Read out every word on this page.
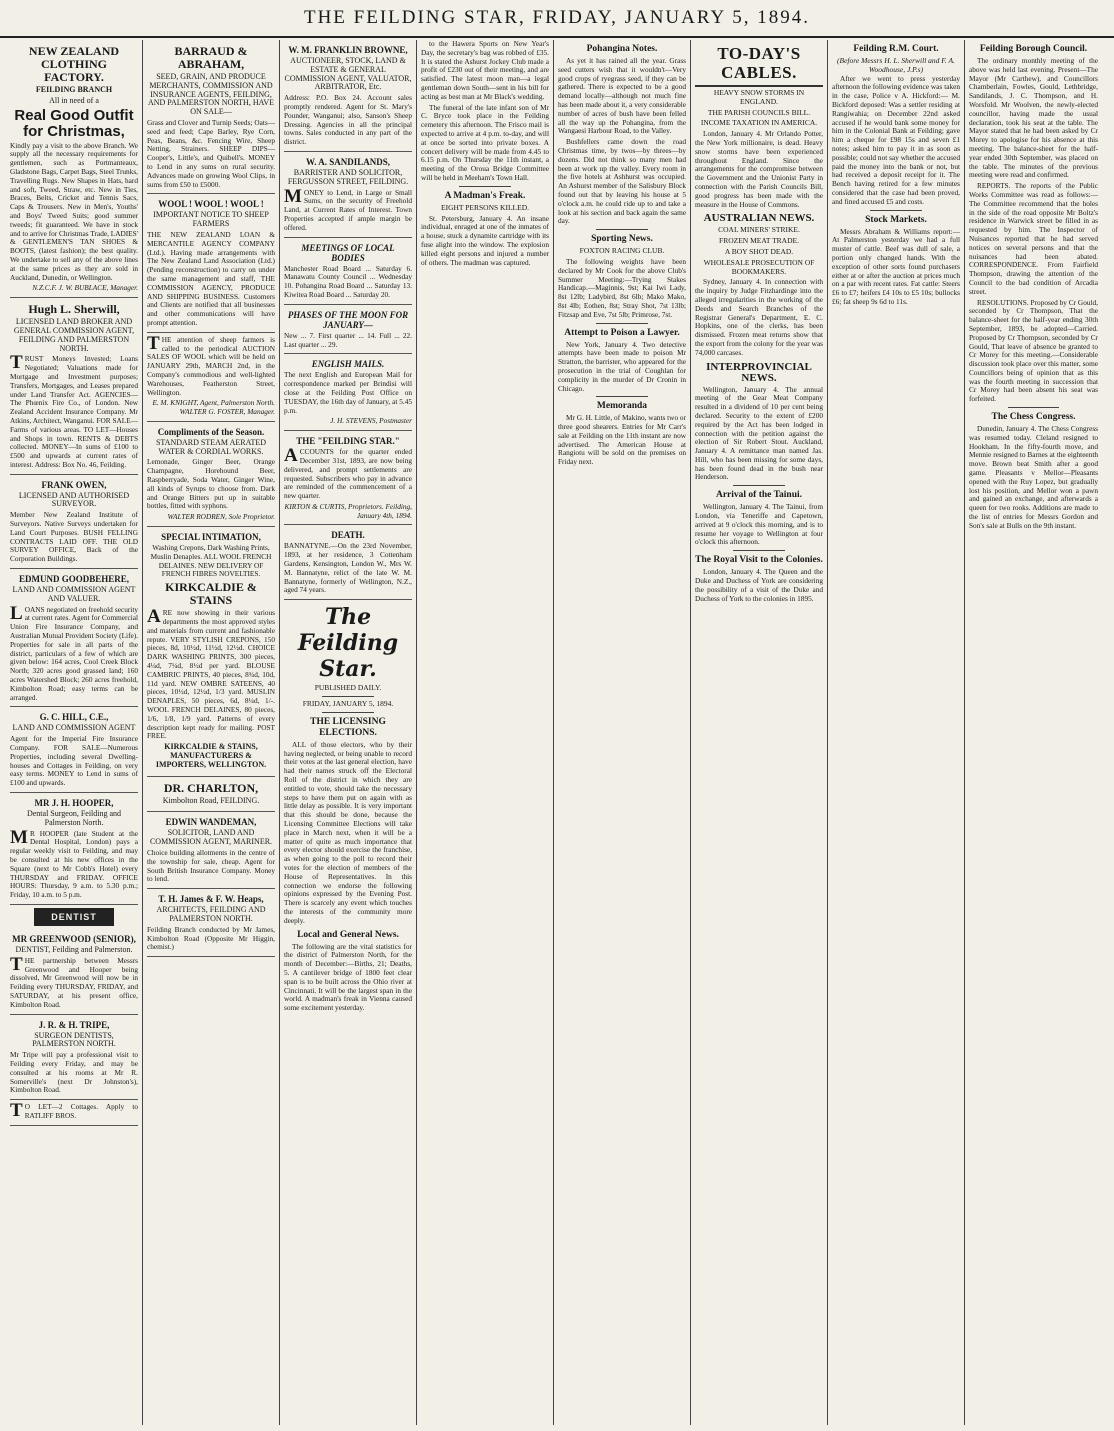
THE FEILDING STAR, FRIDAY, JANUARY 5, 1894.
NEW ZEALAND CLOTHING FACTORY.
FEILDING BRANCH
All in need of a
Real Good Outfit for Christmas,
Kindly pay a visit to the above Branch. We supply all the necessary requirements for gentlemen, such as Portmanteaux, Gladstone Bags, Carpet Bags, Steel Trunks, Travelling Rugs. New Shapes in Hats, hard and soft, Tweed, Straw, etc. New in Ties, Braces, Belts, Cricket and Tennis Sacs, Caps & Trousers. New in Men's, Youths' and Boys' Tweed Suits; good summer tweeds; fit guaranteed. We have in stock and to arrive for Christmas Trade, LADIES' & GENTLEMEN'S TAN SHOES & BOOTS, (latest fashion); the best quality. We undertake to sell any of the above lines at the same prices as they are sold in Auckland, Dunedin, or Wellington.
N.Z.C.F. J. W. BUBLACE, Manager.
Hugh L. Sherwill,
LICENSED LAND BROKER AND GENERAL COMMISSION AGENT, FEILDING AND PALMERSTON NORTH.
TRUST Moneys Invested; Loans Negotiated; Valuations made for Mortgage and Investment purposes; Transfers, Mortgages, and Leases prepared under Land Transfer Act. AGENCIES—The Phœnix Fire Co., of London. New Zealand Accident Insurance Company. Mr Atkins, Architect, Wanganui. FOR SALE—Farms of various areas. TO LET—Houses and Shops in town. RENTS & DEBTS collected. MONEY—In sums of £100 to £500 and upwards at current rates of interest. Address: Box No. 46, Feilding.
FRANK OWEN,
LICENSED AND AUTHORISED SURVEYOR.
Member New Zealand Institute of Surveyors. Native Surveys undertaken for Land Court Purposes. BUSH FELLING CONTRACTS LAID OFF. THE OLD SURVEY OFFICE, Back of the Corporation Buildings.
EDMUND GOODBEHERE,
LAND AND COMMISSION AGENT AND VALUER.
LOANS negotiated on freehold security at current rates. Agent for Commercial Union Fire Insurance Company, and Australian Mutual Provident Society (Life). Properties for sale in all parts of the district, particulars of a few of which are given below: 164 acres, Cool Creek Block North; 320 acres good grassed land; 160 acres Watershed Block; 260 acres freehold, Kimbolton Road; easy terms can be arranged.
G. C. HILL, C.E.,
LAND AND COMMISSION AGENT
Agent for the Imperial Fire Insurance Company. FOR SALE—Numerous Properties, including several Dwelling-houses and Cottages in Feilding, on very easy terms. MONEY to Lend in sums of £100 and upwards.
MR J. H. HOOPER,
Dental Surgeon, Feilding and Palmerston North.
MR HOOPER (late Student at the Dental Hospital, London) pays a regular weekly visit to Feilding, and may be consulted at his new offices in the Square (next to Mr Cobb's Hotel) every THURSDAY and FRIDAY. OFFICE HOURS: Thursday, 9 a.m. to 5.30 p.m.; Friday, 10 a.m. to 5 p.m.
DENTIST
MR GREENWOOD (SENIOR),
DENTIST, Feilding and Palmerston.
THE partnership between Messrs Greenwood and Hooper being dissolved, Mr Greenwood will now be in Feilding every THURSDAY, FRIDAY, and SATURDAY, at his present office, Kimbolton Road.
J. R. & H. TRIPE,
SURGEON DENTISTS, PALMERSTON NORTH.
Mr Tripe will pay a professional visit to Feilding every Friday, and may be consulted at his rooms at Mr R. Somerville's (next Dr Johnston's), Kimbolton Road.
TO LET—2 Cottages. Apply to RATLIFF BROS.
BARRAUD & ABRAHAM,
SEED, GRAIN, AND PRODUCE MERCHANTS, COMMISSION AND INSURANCE AGENTS, FEILDING, AND PALMERSTON NORTH, HAVE ON SALE—
Grass and Clover and Turnip Seeds; Oats—seed and feed; Cape Barley, Rye Corn, Peas, Beans, &c. Fencing Wire, Sheep Netting, Strainers. SHEEP DIPS—Cooper's, Little's, and Quibell's. MONEY to Lend in any sums on rural security. Advances made on growing Wool Clips, in sums from £50 to £5000.
WOOL ! WOOL ! WOOL !
IMPORTANT NOTICE TO SHEEP FARMERS
THE NEW ZEALAND LOAN & MERCANTILE AGENCY COMPANY (Ltd.). Having made arrangements with The New Zealand Land Association (Ltd.) (Pending reconstruction) to carry on under the same management and staff, THE COMMISSION AGENCY, PRODUCE AND SHIPPING BUSINESS. Customers and Clients are notified that all businesses and other communications will have prompt attention.
THE attention of sheep farmers is called to the periodical AUCTION SALES OF WOOL which will be held on JANUARY 29th, MARCH 2nd, in the Company's commodious and well-lighted Warehouses, Featherston Street, Wellington.
E. M. KNIGHT, Agent, Palmerston North. WALTER G. FOSTER, Manager.
Compliments of the Season.
STANDARD STEAM AERATED WATER & CORDIAL WORKS.
Lemonade, Ginger Beer, Orange Champagne, Horehound Beer, Raspberryade, Soda Water, Ginger Wine, all kinds of Syrups to choose from. Dark and Orange Bitters put up in suitable bottles, fitted with syphons.
WALTER RODREN, Sole Proprietor.
SPECIAL INTIMATION,
Washing Crepons, Dark Washing Prints, Muslin Denaples. ALL WOOL FRENCH DELAINES. NEW DELIVERY OF FRENCH FIBRES NOVELTIES.
KIRKCALDIE & STAINS
ARE now showing in their various departments the most approved styles and materials from current and fashionable repute. VERY STYLISH CREPONS, 150 pieces, 8d, 10½d, 11½d, 12½d. CHOICE DARK WASHING PRINTS, 300 pieces, 4¼d, 7¼d, 8½d per yard. BLOUSE CAMBRIC PRINTS, 40 pieces, 8¾d, 10d, 11d yard. NEW OMBRE SATEENS, 40 pieces, 10½d, 12½d, 1/3 yard. MUSLIN DENAPLES, 50 pieces, 6d, 8¼d, 1/-. WOOL FRENCH DELAINES, 80 pieces, 1/6, 1/8, 1/9 yard. Patterns of every description kept ready for mailing. POST FREE.
KIRKCALDIE & STAINS, MANUFACTURERS & IMPORTERS, WELLINGTON.
DR. CHARLTON,
Kimbolton Road, FEILDING.
EDWIN WANDEMAN,
SOLICITOR, LAND AND COMMISSION AGENT, MARINER.
Choice building allotments in the centre of the township for sale, cheap. Agent for South British Insurance Company. Money to lend.
T. H. James & F. W. Heaps,
ARCHITECTS, FEILDING AND PALMERSTON NORTH.
Feilding Branch conducted by Mr James, Kimbolton Road (Opposite Mr Higgin, chemist.)
W. M. FRANKLIN BROWNE,
AUCTIONEER, STOCK, LAND & ESTATE & GENERAL COMMISSION AGENT, VALUATOR, ARBITRATOR, Etc.
Address: P.O. Box 24. Account sales promptly rendered. Agent for St. Mary's Pounder, Wanganui; also, Sanson's Sheep Dressing. Agencies in all the principal towns. Sales conducted in any part of the district.
W. A. SANDILANDS,
BARRISTER AND SOLICITOR, FERGUSSON STREET, FEILDING.
MONEY to Lend, in Large or Small Sums, on the security of Freehold Land, at Current Rates of Interest. Town Properties accepted if ample margin be offered.
MEETINGS OF LOCAL BODIES
Manchester Road Board ... Saturday 6. Manawatu County Council ... Wednesday 10. Pohangina Road Board ... Saturday 13. Kiwitea Road Board ... Saturday 20.
PHASES OF THE MOON FOR JANUARY—
New ... 7. First quarter ... 14. Full ... 22. Last quarter ... 29.
ENGLISH MAILS.
The next English and European Mail for correspondence marked per Brindisi will close at the Feilding Post Office on TUESDAY, the 16th day of January, at 5.45 p.m.
J. H. STEVENS, Postmaster
THE "FEILDING STAR."
ACCOUNTS for the quarter ended December 31st, 1893, are now being delivered, and prompt settlements are requested. Subscribers who pay in advance are reminded of the commencement of a new quarter.
KIRTON & CURTIS, Proprietors. Feilding, January 4th, 1894.
DEATH.
BANNATYNE.—On the 23rd November, 1893, at her residence, 3 Cottenham Gardens, Kensington, London W., Mrs W. M. Bannatyne, relict of the late W. M. Bannatyne, formerly of Wellington, N.Z., aged 74 years.
The Feilding Star.
PUBLISHED DAILY.
FRIDAY, JANUARY 5, 1894.
THE LICENSING ELECTIONS.

ALL of those electors, who by their having neglected, or being unable to record their votes at the last general election, have had their names struck off the Electoral Roll of the district in which they are entitled to vote, should take the necessary steps to have them put on again with as little delay as possible. It is very important that this should be done, because the Licensing Committee Elections will take place in March next, when it will be a matter of quite as much importance that every elector should exercise the franchise, as when going to the poll to record their votes for the election of members of the House of Representatives. In this connection we endorse the following opinions expressed by the Evening Post. There is scarcely any event which touches the interests of the community more deeply.

Local and General News.

The following are the vital statistics for the district of Palmerston North, for the month of December:—Births, 21; Deaths, 5. A cantilever bridge of 1800 feet clear span is to be built across the Ohio river at Cincinnati. It will be the largest span in the world. A madman's freak in Vienna caused some excitement yesterday.

to the Hawera Sports on New Year's Day, the secretary's bag was robbed of £35. It is stated the Ashurst Jockey Club made a profit of £230 out of their meeting, and are satisfied. The latest moon man—a legal gentleman down South—sent in his bill for acting as best man at Mr Black's wedding.

The funeral of the late infant son of Mr C. Bryce took place in the Feilding cemetery this afternoon. The Frisco mail is expected to arrive at 4 p.m. to-day, and will at once be sorted into private boxes. A concert delivery will be made from 4.45 to 6.15 p.m. On Thursday the 11th instant, a meeting of the Oroua Bridge Committee will be held in Meeham's Town Hall.

A Madman's Freak.
EIGHT PERSONS KILLED.

St. Petersburg, January 4. An insane individual, enraged at one of the inmates of a house, stuck a dynamite cartridge with its fuse alight into the window. The explosion killed eight persons and injured a number of others. The madman was captured.

Pohangina Notes.

As yet it has rained all the year. Grass seed cutters wish that it wouldn't—Very good crops of ryegrass seed, if they can be gathered. There is expected to be a good demand locally—although not much fine has been made about it, a very considerable number of acres of bush have been felled all the way up the Pohangina, from the Wangaesi Harbour Road, to the Valley.

Bushfellers came down the road Christmas time, by twos—by threes—by dozens. Did not think so many men had been at work up the valley. Every room in the five hotels at Ashhurst was occupied. An Ashurst member of the Salisbury Block found out that by leaving his house at 5 o'clock a.m. he could ride up to and take a look at his section and back again the same day.

Sporting News.
FOXTON RACING CLUB.

The following weights have been declared by Mr Cook for the above Club's Summer Meeting:—Trying Stakes Handicap.—Maginnis, 9st; Kai Iwi Lady, 8st 12lb; Ladybird, 8st 6lb; Mako Mako, 8st 4lb; Eothen, 8st; Stray Shot, 7st 13lb; Fitzsap and Eve, 7st 5lb; Primrose, 7st.

Attempt to Poison a Lawyer.

New York, January 4. Two detective attempts have been made to poison Mr Stratton, the barrister, who appeared for the prosecution in the trial of Coughlan for complicity in the murder of Dr Cronin in Chicago.

Memoranda

Mr G. H. Little, of Makino, wants two or three good shearers. Entries for Mr Carr's sale at Feilding on the 11th instant are now advertised. The American House at Rangiotu will be sold on the premises on Friday next.

TO-DAY'S CABLES.
HEAVY SNOW STORMS IN ENGLAND.
THE PARISH COUNCILS BILL.
INCOME TAXATION IN AMERICA.

London, January 4. Mr Orlando Potter, the New York millionaire, is dead. Heavy snow storms have been experienced throughout England. Since the arrangements for the compromise between the Government and the Unionist Party in connection with the Parish Councils Bill, good progress has been made with the measure in the House of Commons.

AUSTRALIAN NEWS.
COAL MINERS' STRIKE.
FROZEN MEAT TRADE.
A BOY SHOT DEAD.
WHOLESALE PROSECUTION OF BOOKMAKERS.

Sydney, January 4. In connection with the inquiry by Judge Fitzhardinge into the alleged irregularities in the working of the Deeds and Search Branches of the Registrar General's Department, E. C. Hopkins, one of the clerks, has been dismissed. Frozen meat returns show that the export from the colony for the year was 74,000 carcases.

INTERPROVINCIAL NEWS.

Wellington, January 4. The annual meeting of the Gear Meat Company resulted in a dividend of 10 per cent being declared. Security to the extent of £200 required by the Act has been lodged in connection with the petition against the election of Sir Robert Stout. Auckland, January 4. A remittance man named Jas. Hill, who has been missing for some days, has been found dead in the bush near Henderson.

Arrival of the Tainui.

Wellington, January 4. The Tainui, from London, via Teneriffe and Capetown, arrived at 9 o'clock this morning, and is to resume her voyage to Wellington at four o'clock this afternoon.

The Royal Visit to the Colonies.

London, January 4. The Queen and the Duke and Duchess of York are considering the possibility of a visit of the Duke and Duchess of York to the colonies in 1895.

Feilding R.M. Court.
(Before Messrs H. L. Sherwill and F. A. Woodhouse, J.P.s)

After we went to press yesterday afternoon the following evidence was taken in the case, Police v A. Hickford:— M. Bickford deposed: Was a settler residing at Rangiwahia; on December 22nd asked accused if he would bank some money for him in the Colonial Bank at Feilding; gave him a cheque for £98 15s and seven £1 notes; asked him to pay it in as soon as possible; could not say whether the accused paid the money into the bank or not, but had received a deposit receipt for it. The Bench having retired for a few minutes considered that the case had been proved, and fined accused £5 and costs.

Stock Markets.

Messrs Abraham & Williams report:—At Palmerston yesterday we had a full muster of cattle. Beef was dull of sale, a portion only changed hands. With the exception of other sorts found purchasers either at or after the auction at prices much on a par with recent rates. Fat cattle: Steers £6 to £7; heifers £4 10s to £5 10s; bullocks £6; fat sheep 9s 6d to 11s.

Feilding Borough Council.

The ordinary monthly meeting of the above was held last evening. Present—The Mayor (Mr Carthew), and Councillors Chamberlain, Fowles, Gould, Lethbridge, Sandilands, J. C. Thompson, and H. Worsfold. Mr Woolven, the newly-elected councillor, having made the usual declaration, took his seat at the table. The Mayor stated that he had been asked by Cr Morey to apologise for his absence at this meeting. The balance-sheet for the half-year ended 30th September, was placed on the table. The minutes of the previous meeting were read and confirmed.

REPORTS. The reports of the Public Works Committee was read as follows:—The Committee recommend that the holes in the side of the road opposite Mr Boltz's residence in Warwick street be filled in as requested by him. The Inspector of Nuisances reported that he had served notices on several persons and that the nuisances had been abated. CORRESPONDENCE. From Fairfield Thompson, drawing the attention of the Council to the bad condition of Arcadia street.

RESOLUTIONS. Proposed by Cr Gould, seconded by Cr Thompson, That the balance-sheet for the half-year ending 30th September, 1893, be adopted—Carried. Proposed by Cr Thompson, seconded by Cr Gould, That leave of absence be granted to Cr Morey for this meeting.—Considerable discussion took place over this matter, some Councillors being of opinion that as this was the fourth meeting in succession that Cr Morey had been absent his seat was forfeited.

The Chess Congress.

Dunedin, January 4. The Chess Congress was resumed today. Cleland resigned to Hookham. In the fifty-fourth move, and Mennie resigned to Barnes at the eighteenth move. Brown beat Smith after a good game. Pleasants v Mellor—Pleasants opened with the Ruy Lopez, but gradually lost his position, and Mellor won a pawn and gained an exchange, and afterwards a queen for two rooks. Additions are made to the list of entries for Messrs Gordon and Son's sale at Bulls on the 9th instant.
